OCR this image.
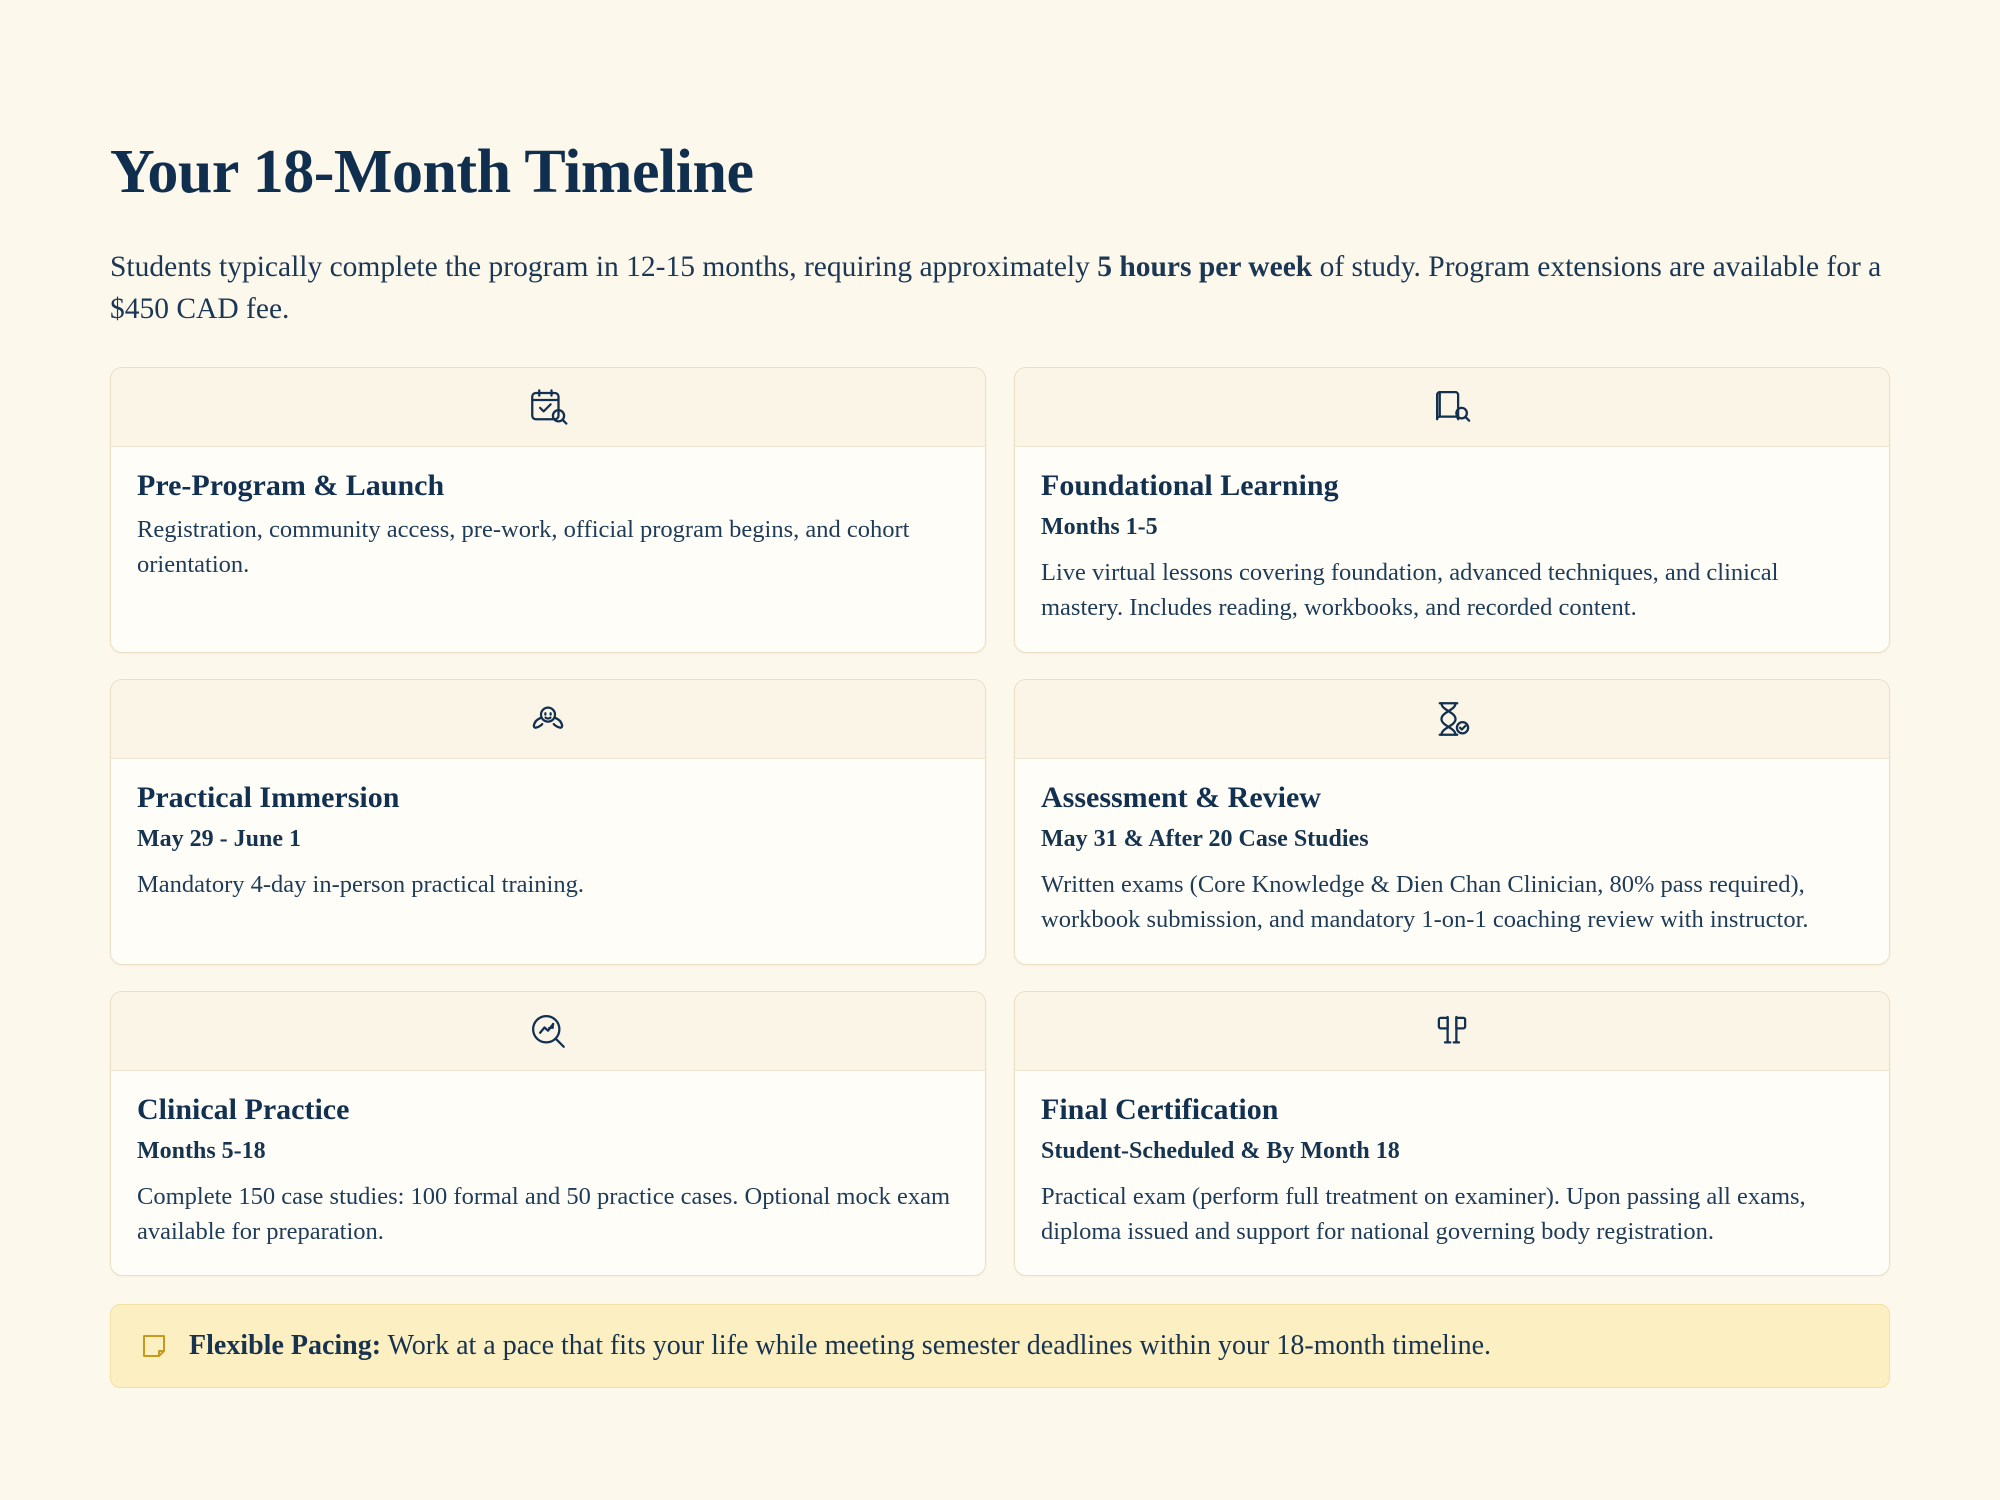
Your 18-Month Timeline

Students typically complete the program in 12-15 months, requiring approximately 5 hours per week of study. Program extensions are available for a $450 CAD fee.

Pre-Program & Launch

Registration, community access, pre-work, official program begins, and cohort orientation.

Foundational Learning
Months 1-5

Live virtual lessons covering foundation, advanced techniques, and clinical mastery. Includes reading, workbooks, and recorded content.

Practical Immersion
May 29 - June 1

Mandatory 4-day in-person practical training.

Assessment & Review
May 31 & After 20 Case Studies

Written exams (Core Knowledge & Dien Chan Clinician, 80% pass required), workbook submission, and mandatory 1-on-1 coaching review with instructor.

Clinical Practice
Months 5-18

Complete 150 case studies: 100 formal and 50 practice cases. Optional mock exam available for preparation.

Final Certification
Student-Scheduled & By Month 18

Practical exam (perform full treatment on examiner). Upon passing all exams, diploma issued and support for national governing body registration.

Flexible Pacing: Work at a pace that fits your life while meeting semester deadlines within your 18-month timeline.
